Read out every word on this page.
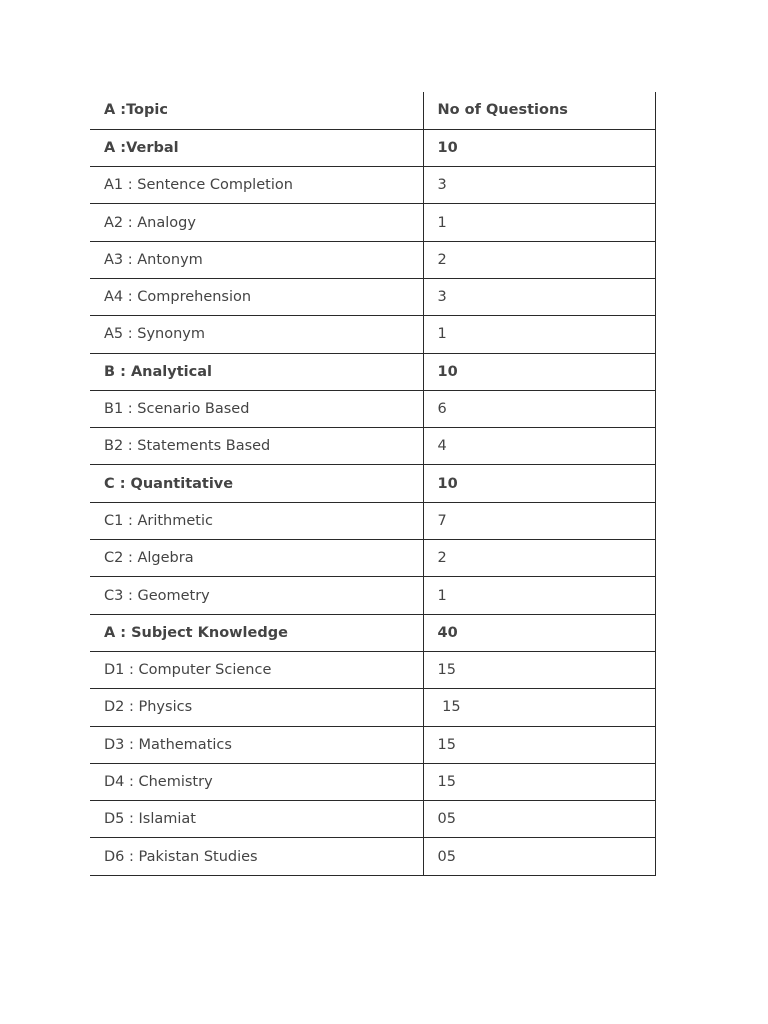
A :Topic	No of Questions
A :Verbal	10
A1 : Sentence Completion	3
A2 : Analogy	1
A3 : Antonym	2
A4 : Comprehension	3
A5 : Synonym	1
B : Analytical	10
B1 : Scenario Based	6
B2 : Statements Based	4
C : Quantitative	10
C1 : Arithmetic	7
C2 : Algebra	2
C3 : Geometry	1
A : Subject Knowledge	40
D1 : Computer Science	15
D2 : Physics	15
D3 : Mathematics	15
D4 : Chemistry	15
D5 : Islamiat	05
D6 : Pakistan Studies	05
